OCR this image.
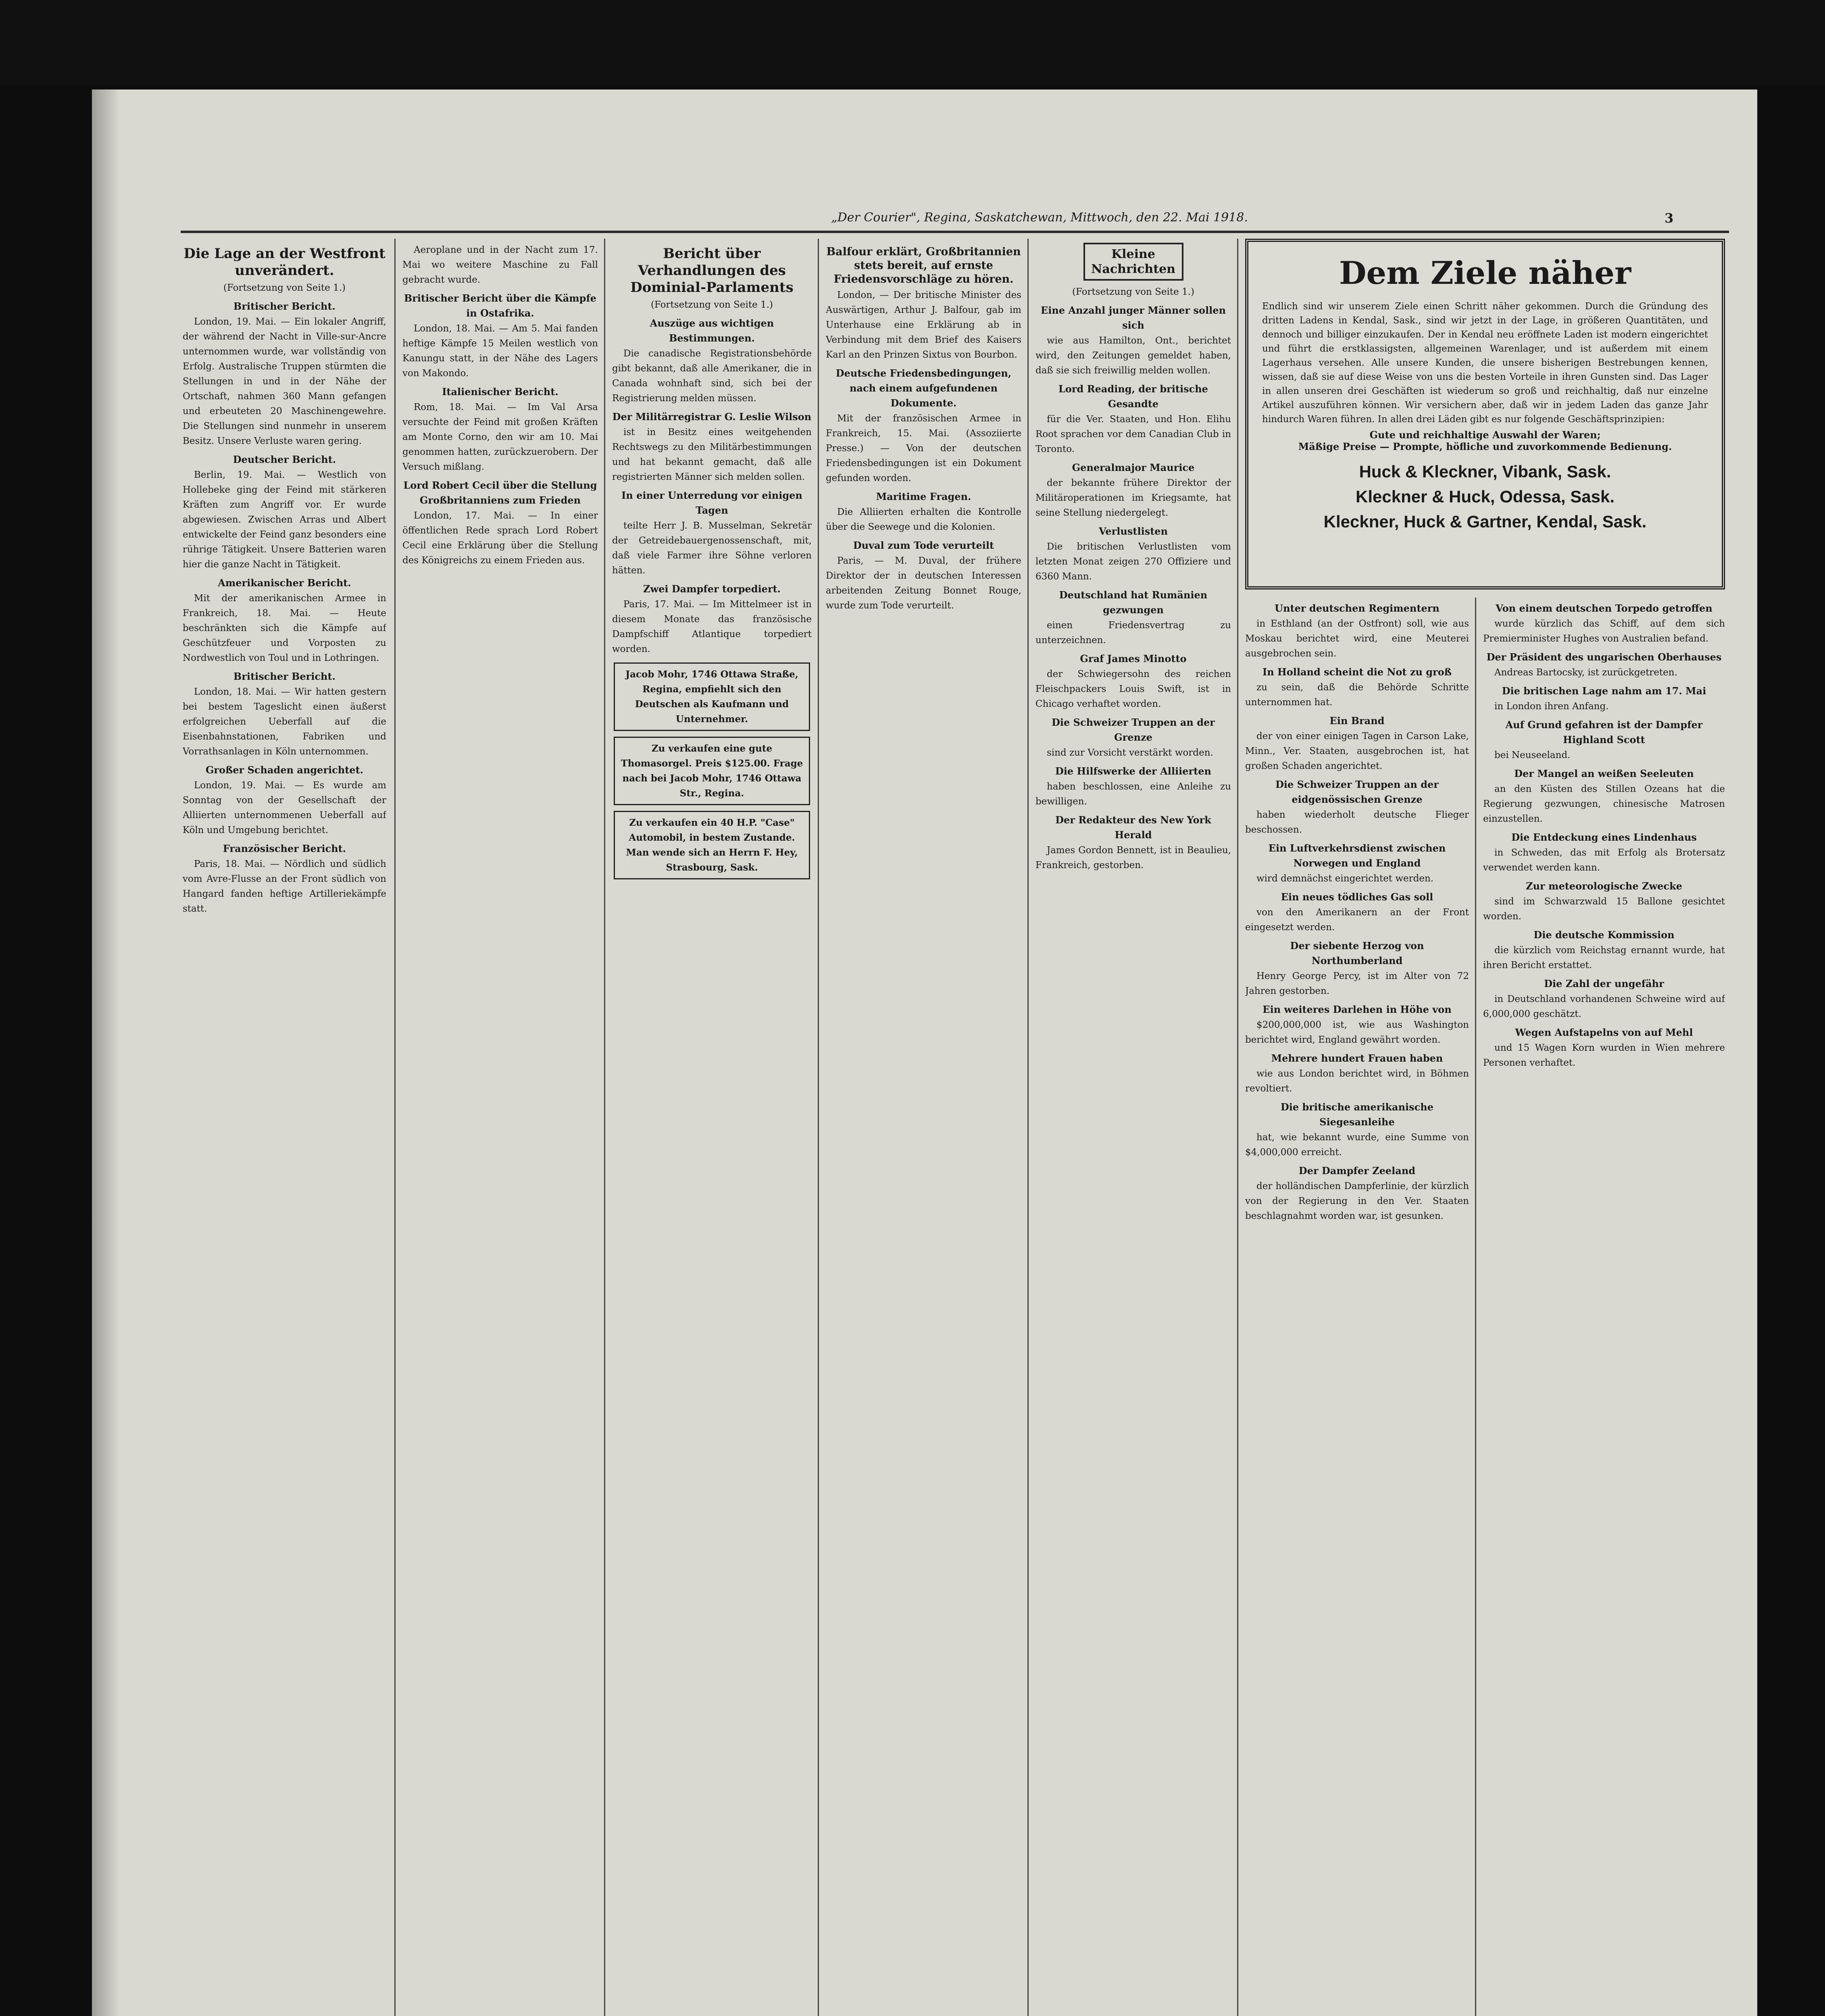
„Der Courier", Regina, Saskatchewan, Mittwoch, den 22. Mai 1918.	3
Die Lage an der Westfront unverändert.
(Fortsetzung von Seite 1.)
Britischer Bericht.

London, 19. Mai. — Ein lokaler Angriff, der während der Nacht in Ville-sur-Ancre unternommen wurde, war vollständig von Erfolg. Australische Truppen stürmten die Stellungen in und in der Nähe der Ortschaft, nahmen 360 Mann gefangen und erbeuteten 20 Maschinengewehre. Die Stellungen sind nunmehr in unserem Besitz. Unsere Verluste waren gering.

Deutscher Bericht.

Berlin, 19. Mai. — Westlich von Hollebeke ging der Feind mit stärkeren Kräften zum Angriff vor. Er wurde abgewiesen. Zwischen Arras und Albert entwickelte der Feind ganz besonders eine rührige Tätigkeit. Unsere Batterien waren hier die ganze Nacht in Tätigkeit.

Amerikanischer Bericht.

Mit der amerikanischen Armee in Frankreich, 18. Mai. — Heute beschränkten sich die Kämpfe auf Geschützfeuer und Vorposten zu Nordwestlich von Toul und in Lothringen.

Britischer Bericht.

London, 18. Mai. — Wir hatten gestern bei bestem Tageslicht einen äußerst erfolgreichen Ueberfall auf die Eisenbahnstationen, Fabriken und Vorrathsanlagen in Köln unternommen.

Großer Schaden angerichtet.

London, 19. Mai. — Es wurde am Sonntag von der Gesellschaft der Alliierten unternommenen Ueberfall auf Köln und Umgebung berichtet.

Französischer Bericht.

Paris, 18. Mai. — Nördlich und südlich vom Avre-Flusse an der Front südlich von Hangard fanden heftige Artilleriekämpfe statt.

Aeroplane und in der Nacht zum 17. Mai wo weitere Maschine zu Fall gebracht wurde.

Britischer Bericht über die Kämpfe in Ostafrika.

London, 18. Mai. — Am 5. Mai fanden heftige Kämpfe 15 Meilen westlich von Kanungu statt, in der Nähe des Lagers von Makondo.

Italienischer Bericht.

Rom, 18. Mai. — Im Val Arsa versuchte der Feind mit großen Kräften am Monte Corno, den wir am 10. Mai genommen hatten, zurückzuerobern. Der Versuch mißlang.

Lord Robert Cecil über die Stellung Großbritanniens zum Frieden

London, 17. Mai. — In einer öffentlichen Rede sprach Lord Robert Cecil eine Erklärung über die Stellung des Königreichs zu einem Frieden aus.

Bericht über Verhandlungen des Dominial-Parlaments
(Fortsetzung von Seite 1.)
Auszüge aus wichtigen Bestimmungen.

Die canadische Registrationsbehörde gibt bekannt, daß alle Amerikaner, die in Canada wohnhaft sind, sich bei der Registrierung melden müssen.

Der Militärregistrar G. Leslie Wilson

ist in Besitz eines weitgehenden Rechtswegs zu den Militärbestimmungen und hat bekannt gemacht, daß alle registrierten Männer sich melden sollen.

In einer Unterredung vor einigen Tagen

teilte Herr J. B. Musselman, Sekretär der Getreidebauergenossenschaft, mit, daß viele Farmer ihre Söhne verloren hätten.

Zwei Dampfer torpediert.

Paris, 17. Mai. — Im Mittelmeer ist in diesem Monate das französische Dampfschiff Atlantique torpediert worden.

Jacob Mohr, 1746 Ottawa Straße, Regina, empfiehlt sich den Deutschen als Kaufmann und Unternehmer.
Zu verkaufen eine gute Thomasorgel. Preis $125.00. Frage nach bei Jacob Mohr, 1746 Ottawa Str., Regina.
Zu verkaufen ein 40 H.P. "Case" Automobil, in bestem Zustande. Man wende sich an Herrn F. Hey, Strasbourg, Sask.
Balfour erklärt, Großbritannien stets bereit, auf ernste Friedensvorschläge zu hören.

London, — Der britische Minister des Auswärtigen, Arthur J. Balfour, gab im Unterhause eine Erklärung ab in Verbindung mit dem Brief des Kaisers Karl an den Prinzen Sixtus von Bourbon.

Deutsche Friedensbedingungen, nach einem aufgefundenen Dokumente.

Mit der französischen Armee in Frankreich, 15. Mai. (Assoziierte Presse.) — Von der deutschen Friedensbedingungen ist ein Dokument gefunden worden.

Maritime Fragen.

Die Alliierten erhalten die Kontrolle über die Seewege und die Kolonien.

Duval zum Tode verurteilt

Paris, — M. Duval, der frühere Direktor der in deutschen Interessen arbeitenden Zeitung Bonnet Rouge, wurde zum Tode verurteilt.

Kleine Nachrichten
(Fortsetzung von Seite 1.)
Eine Anzahl junger Männer sollen sich

wie aus Hamilton, Ont., berichtet wird, den Zeitungen gemeldet haben, daß sie sich freiwillig melden wollen.

Lord Reading, der britische Gesandte

für die Ver. Staaten, und Hon. Elihu Root sprachen vor dem Canadian Club in Toronto.

Generalmajor Maurice

der bekannte frühere Direktor der Militäroperationen im Kriegsamte, hat seine Stellung niedergelegt.

Verlustlisten

Die britischen Verlustlisten vom letzten Monat zeigen 270 Offiziere und 6360 Mann.

Deutschland hat Rumänien gezwungen

einen Friedensvertrag zu unterzeichnen.

Graf James Minotto

der Schwiegersohn des reichen Fleischpackers Louis Swift, ist in Chicago verhaftet worden.

Die Schweizer Truppen an der Grenze

sind zur Vorsicht verstärkt worden.

Die Hilfswerke der Alliierten

haben beschlossen, eine Anleihe zu bewilligen.

Der Redakteur des New York Herald

James Gordon Bennett, ist in Beaulieu, Frankreich, gestorben.

Dem Ziele näher
Endlich sind wir unserem Ziele einen Schritt näher gekommen. Durch die Gründung des dritten Ladens in Kendal, Sask., sind wir jetzt in der Lage, in größeren Quantitäten, und dennoch und billiger einzukaufen. Der in Kendal neu eröffnete Laden ist modern eingerichtet und führt die erstklassigsten, allgemeinen Warenlager, und ist außerdem mit einem Lagerhaus versehen. Alle unsere Kunden, die unsere bisherigen Bestrebungen kennen, wissen, daß sie auf diese Weise von uns die besten Vorteile in ihren Gunsten sind. Das Lager in allen unseren drei Geschäften ist wiederum so groß und reichhaltig, daß nur einzelne Artikel auszuführen können. Wir versichern aber, daß wir in jedem Laden das ganze Jahr hindurch Waren führen. In allen drei Läden gibt es nur folgende Geschäftsprinzipien:
Gute und reichhaltige Auswahl der Waren;
Mäßige Preise — Prompte, höfliche und zuvorkommende Bedienung.
Huck & Kleckner, Vibank, Sask.
Kleckner & Huck, Odessa, Sask.
Kleckner, Huck & Gartner, Kendal, Sask.
Unter deutschen Regimentern

in Esthland (an der Ostfront) soll, wie aus Moskau berichtet wird, eine Meuterei ausgebrochen sein.

In Holland scheint die Not zu groß

zu sein, daß die Behörde Schritte unternommen hat.

Ein Brand

der von einer einigen Tagen in Carson Lake, Minn., Ver. Staaten, ausgebrochen ist, hat großen Schaden angerichtet.

Die Schweizer Truppen an der eidgenössischen Grenze

haben wiederholt deutsche Flieger beschossen.

Ein Luftverkehrsdienst zwischen Norwegen und England

wird demnächst eingerichtet werden.

Ein neues tödliches Gas soll

von den Amerikanern an der Front eingesetzt werden.

Der siebente Herzog von Northumberland

Henry George Percy, ist im Alter von 72 Jahren gestorben.

Ein weiteres Darlehen in Höhe von

$200,000,000 ist, wie aus Washington berichtet wird, England gewährt worden.

Mehrere hundert Frauen haben

wie aus London berichtet wird, in Böhmen revoltiert.

Die britische amerikanische Siegesanleihe

hat, wie bekannt wurde, eine Summe von $4,000,000 erreicht.

Der Dampfer Zeeland

der holländischen Dampferlinie, der kürzlich von der Regierung in den Ver. Staaten beschlagnahmt worden war, ist gesunken.

Von einem deutschen Torpedo getroffen

wurde kürzlich das Schiff, auf dem sich Premierminister Hughes von Australien befand.

Der Präsident des ungarischen Oberhauses

Andreas Bartocsky, ist zurückgetreten.

Die britischen Lage nahm am 17. Mai

in London ihren Anfang.

Auf Grund gefahren ist der Dampfer Highland Scott

bei Neuseeland.

Der Mangel an weißen Seeleuten

an den Küsten des Stillen Ozeans hat die Regierung gezwungen, chinesische Matrosen einzustellen.

Die Entdeckung eines Lindenhaus

in Schweden, das mit Erfolg als Brotersatz verwendet werden kann.

Zur meteorologische Zwecke

sind im Schwarzwald 15 Ballone gesichtet worden.

Die deutsche Kommission

die kürzlich vom Reichstag ernannt wurde, hat ihren Bericht erstattet.

Die Zahl der ungefähr

in Deutschland vorhandenen Schweine wird auf 6,000,000 geschätzt.

Wegen Aufstapelns von auf Mehl

und 15 Wagen Korn wurden in Wien mehrere Personen verhaftet.
